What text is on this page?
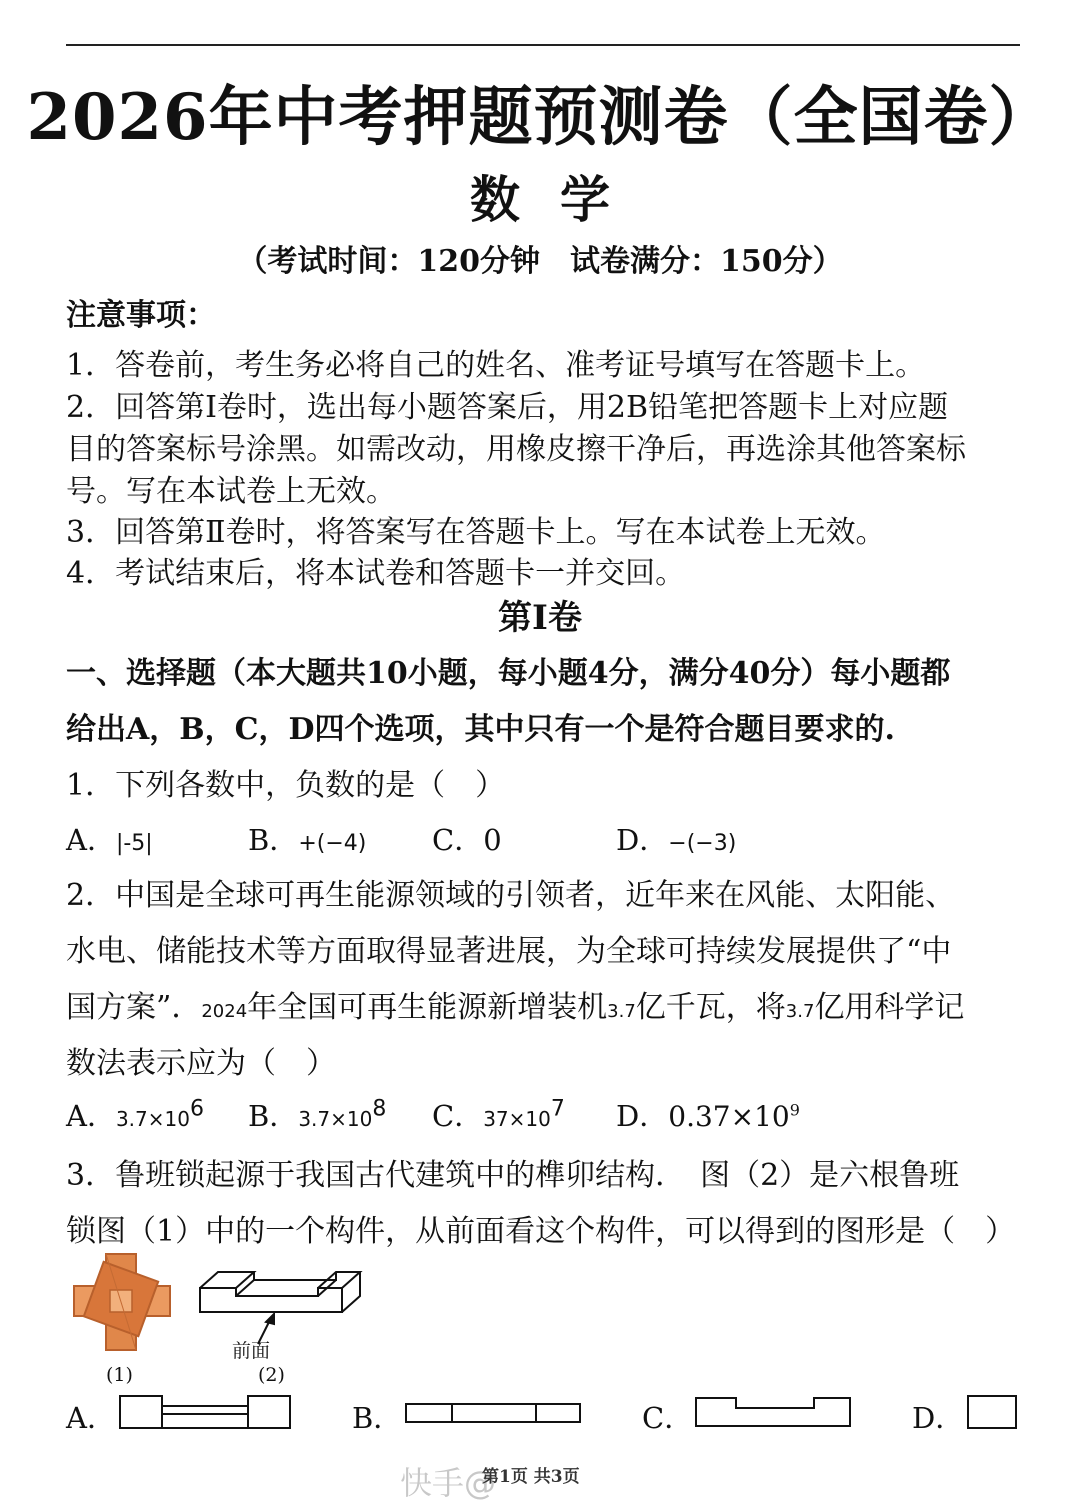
2026年中考押题预测卷（全国卷）
数学
（考试时间：120分钟　试卷满分：150分）
注意事项：
1．答卷前，考生务必将自己的姓名、准考证号填写在答题卡上。
2．回答第Ⅰ卷时，选出每小题答案后，用2B铅笔把答题卡上对应题
目的答案标号涂黑。如需改动，用橡皮擦干净后，再选涂其他答案标
号。写在本试卷上无效。
3．回答第Ⅱ卷时，将答案写在答题卡上。写在本试卷上无效。
4．考试结束后，将本试卷和答题卡一并交回。
第Ⅰ卷
一、选择题（本大题共10小题，每小题4分，满分40分）每小题都
给出A，B，C，D四个选项，其中只有一个是符合题目要求的.
1．下列各数中，负数的是（　）
A．|-5|	B．+(−4) C．0	D．−(−3)
2．中国是全球可再生能源领域的引领者，近年来在风能、太阳能、
水电、储能技术等方面取得显著进展，为全球可持续发展提供了“中
国方案”．2024年全国可再生能源新增装机3.7亿千瓦，将3.7亿用科学记
数法表示应为（　）
A．$3.7\times 10^6$ B．$3.7\times 10^8$ C．$37\times 10^7$ D．$0.37\times 10^9$
3．鲁班锁起源于我国古代建筑中的榫卯结构．　图（2）是六根鲁班
锁图（1）中的一个构件，从前面看这个构件，可以得到的图形是（　）
(1)
前面
(2)
A．	B．	C．	D．
快手@
第1页 共3页
